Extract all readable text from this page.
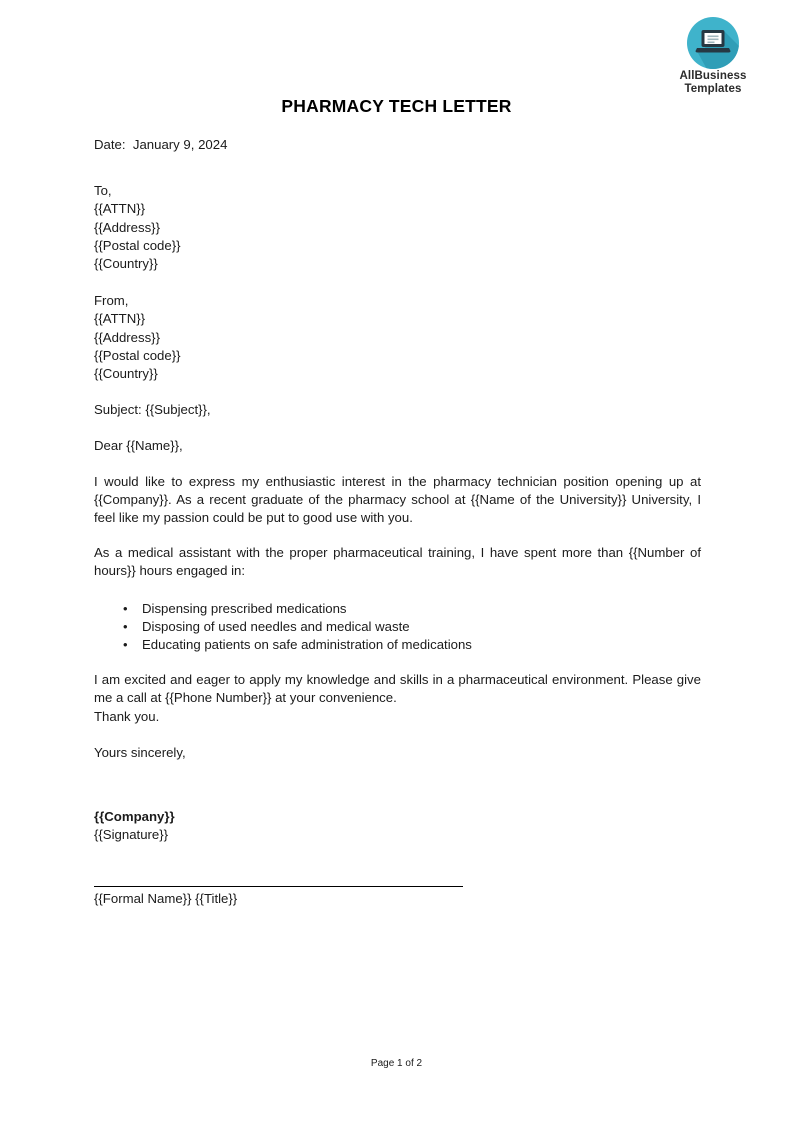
AllBusiness
Templates
PHARMACY TECH LETTER
Date:  January 9, 2024
To,
{{ATTN}}
{{Address}}
{{Postal code}}
{{Country}}
From,
{{ATTN}}
{{Address}}
{{Postal code}}
{{Country}}
Subject: {{Subject}},
Dear {{Name}},
I would like to express my enthusiastic interest in the pharmacy technician position opening up at {{Company}}. As a recent graduate of the pharmacy school at {{Name of the University}} University, I feel like my passion could be put to good use with you.
As a medical assistant with the proper pharmaceutical training, I have spent more than {{Number of hours}} hours engaged in:
• Dispensing prescribed medications
• Disposing of used needles and medical waste
• Educating patients on safe administration of medications
I am excited and eager to apply my knowledge and skills in a pharmaceutical environment. Please give me a call at {{Phone Number}} at your convenience.
Thank you.
Yours sincerely,
{{Company}}
{{Signature}}
{{Formal Name}} {{Title}}
Page 1 of 2
